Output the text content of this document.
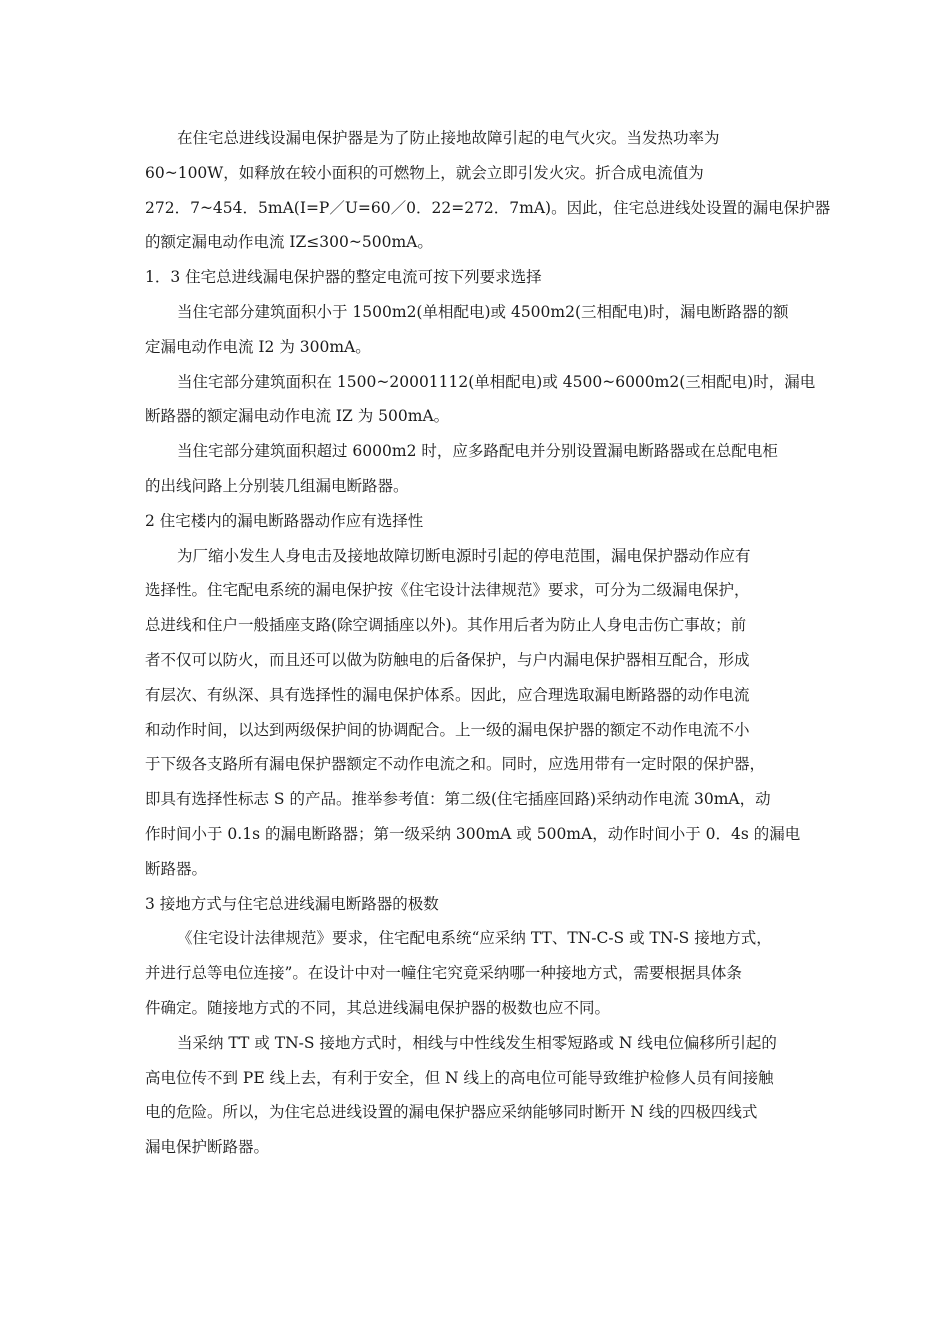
在住宅总进线设漏电保护器是为了防止接地故障引起的电气火灾。当发热功率为
60~100W，如释放在较小面积的可燃物上，就会立即引发火灾。折合成电流值为
272．7~454．5mA(I=P／U=60／0．22=272．7mA)。因此，住宅总进线处设置的漏电保护器
的额定漏电动作电流 IZ≤300~500mA。
1．3 住宅总进线漏电保护器的整定电流可按下列要求选择
当住宅部分建筑面积小于 1500m2(单相配电)或 4500m2(三相配电)时，漏电断路器的额
定漏电动作电流 I2 为 300mA。
当住宅部分建筑面积在 1500~20001112(单相配电)或 4500~6000m2(三相配电)时，漏电
断路器的额定漏电动作电流 IZ 为 500mA。
当住宅部分建筑面积超过 6000m2 时，应多路配电并分别设置漏电断路器或在总配电柜
的出线问路上分别装几组漏电断路器。
2 住宅楼内的漏电断路器动作应有选择性
为厂缩小发生人身电击及接地故障切断电源时引起的停电范围，漏电保护器动作应有
选择性。住宅配电系统的漏电保护按《住宅设计法律规范》要求，可分为二级漏电保护，
总进线和住户一般插座支路(除空调插座以外)。其作用后者为防止人身电击伤亡事故；前
者不仅可以防火，而且还可以做为防触电的后备保护，与户内漏电保护器相互配合，形成
有层次、有纵深、具有选择性的漏电保护体系。因此，应合理选取漏电断路器的动作电流
和动作时间，以达到两级保护间的协调配合。上一级的漏电保护器的额定不动作电流不小
于下级各支路所有漏电保护器额定不动作电流之和。同时，应选用带有一定时限的保护器，
即具有选择性标志 S 的产品。推举参考值：第二级(住宅插座回路)采纳动作电流 30mA，动
作时间小于 0.1s 的漏电断路器；第一级采纳 300mA 或 500mA，动作时间小于 0．4s 的漏电
断路器。
3 接地方式与住宅总进线漏电断路器的极数
《住宅设计法律规范》要求，住宅配电系统“应采纳 TT、TN-C-S 或 TN-S 接地方式，
并进行总等电位连接”。在设计中对一幢住宅究竟采纳哪一种接地方式，需要根据具体条
件确定。随接地方式的不同，其总进线漏电保护器的极数也应不同。
当采纳 TT 或 TN-S 接地方式时，相线与中性线发生相零短路或 N 线电位偏移所引起的
高电位传不到 PE 线上去，有利于安全，但 N 线上的高电位可能导致维护检修人员有间接触
电的危险。所以，为住宅总进线设置的漏电保护器应采纳能够同时断开 N 线的四极四线式
漏电保护断路器。
